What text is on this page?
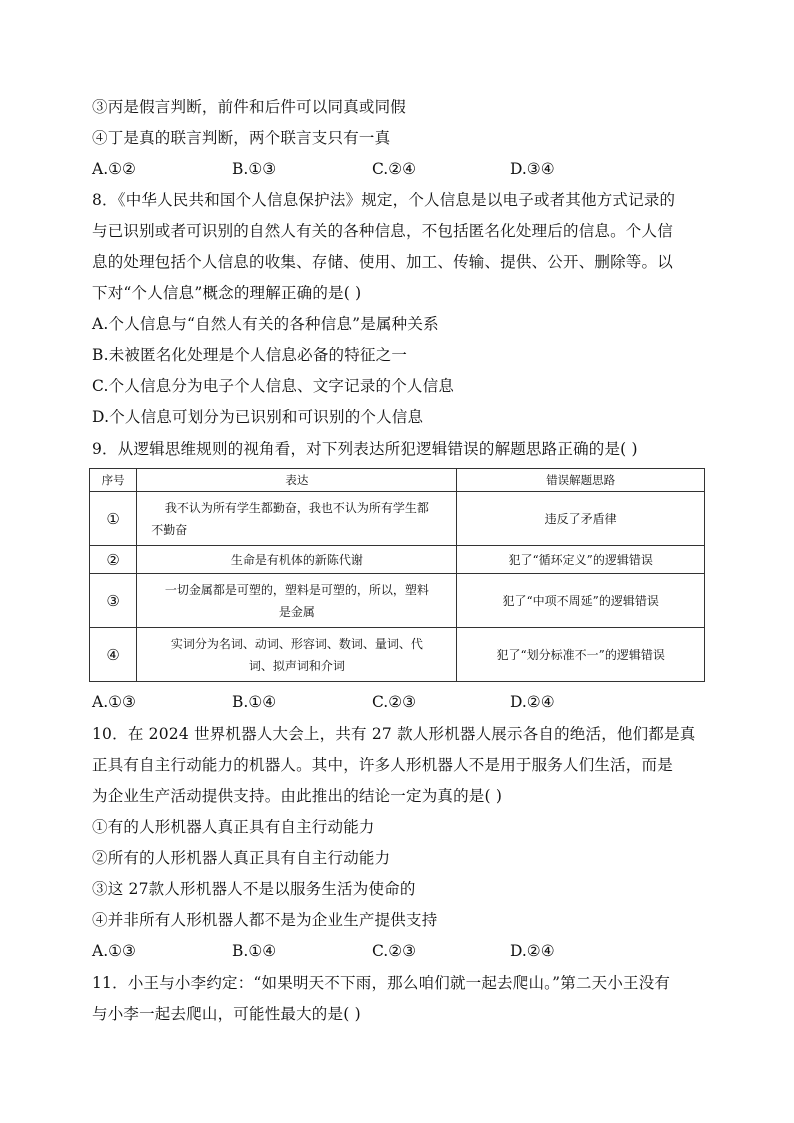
③丙是假言判断，前件和后件可以同真或同假
④丁是真的联言判断，两个联言支只有一真
A.①②	B.①③	C.②④	D.③④
8．《中华人民共和国个人信息保护法》规定，个人信息是以电子或者其他方式记录的
与已识别或者可识别的自然人有关的各种信息，不包括匿名化处理后的信息。个人信
息的处理包括个人信息的收集、存储、使用、加工、传输、提供、公开、删除等。以
下对“个人信息”概念的理解正确的是( )
A.个人信息与“自然人有关的各种信息”是属种关系
B.未被匿名化处理是个人信息必备的特征之一
C.个人信息分为电子个人信息、文字记录的个人信息
D.个人信息可划分为已识别和可识别的个人信息
9．从逻辑思维规则的视角看，对下列表达所犯逻辑错误的解题思路正确的是( )
序号	表达	错误解题思路
①	我不认为所有学生都勤奋，我也不认为所有学生都
不勤奋	违反了矛盾律
②	生命是有机体的新陈代谢	犯了“循环定义”的逻辑错误
③	一切金属都是可塑的，塑料是可塑的，所以，塑料
是金属	犯了“中项不周延”的逻辑错误
④	实词分为名词、动词、形容词、数词、量词、代
词、拟声词和介词	犯了“划分标准不一”的逻辑错误
A.①③	B.①④	C.②③	D.②④
10．在 2024 世界机器人大会上，共有 27 款人形机器人展示各自的绝活，他们都是真
正具有自主行动能力的机器人。其中，许多人形机器人不是用于服务人们生活，而是
为企业生产活动提供支持。由此推出的结论一定为真的是( )
①有的人形机器人真正具有自主行动能力
②所有的人形机器人真正具有自主行动能力
③这 27款人形机器人不是以服务生活为使命的
④并非所有人形机器人都不是为企业生产提供支持
A.①③	B.①④	C.②③	D.②④
11．小王与小李约定：“如果明天不下雨，那么咱们就一起去爬山。”第二天小王没有
与小李一起去爬山，可能性最大的是( )
